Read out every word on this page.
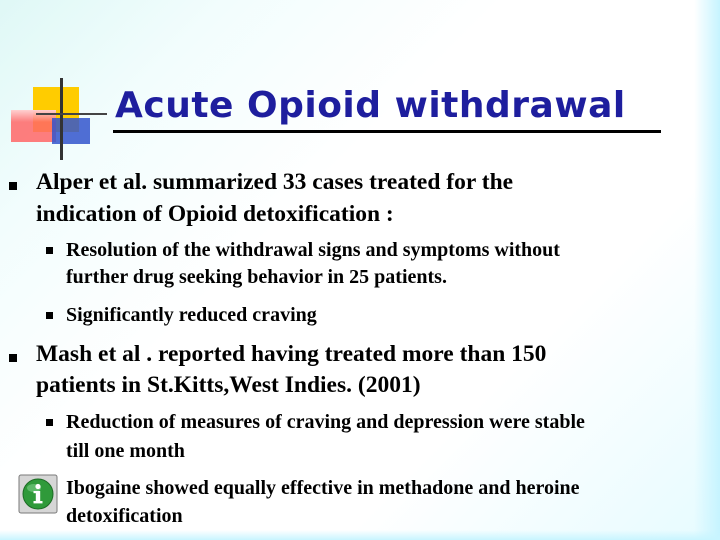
Acute Opioid withdrawal
Alper et al. summarized 33 cases treated for the
indication of Opioid detoxification :
Resolution of the withdrawal signs and symptoms without
further drug seeking behavior in 25 patients.
Significantly reduced craving
Mash et al . reported having treated more than 150
patients in St.Kitts,West Indies. (2001)
Reduction of measures of craving and depression were stable
till one month
Ibogaine showed equally effective in methadone and heroine
detoxification
